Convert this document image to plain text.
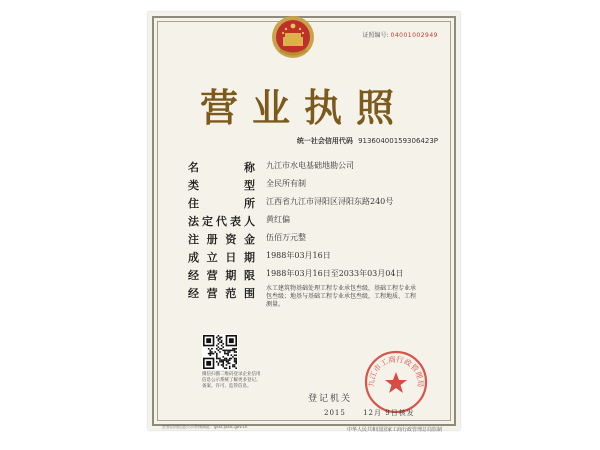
证照编号: 04001002949
营业执照
统一社会信用代码 91360400159306423P
名	称 九江市水电基础地勘公司
类	型 全民所有制
住	所 江西省九江市浔阳区浔阳东路240号
法 定 代 表 人 黄红偏
注 册 资 金 伍佰万元整
成 立 日 期 1988年03月16日
经 营 期 限 1988年03月16日至2033年03月04日
经 营 范 围 水工建筑物基础处理工程专业承包叁级，基础工程专业承包叁级；地基与基础工程专业承包叁级，工程地质、工程测量。
微信扫描二维码登录企业信用信息公示系统了解更多登记、备案、许可、监管信息。	九江市工商行政管理局
登记机关
2015 12月 9日核发
企业信用信息公示系统网址：gsxt.jxaic.gov.cn
中华人民共和国国家工商行政管理总局监制
